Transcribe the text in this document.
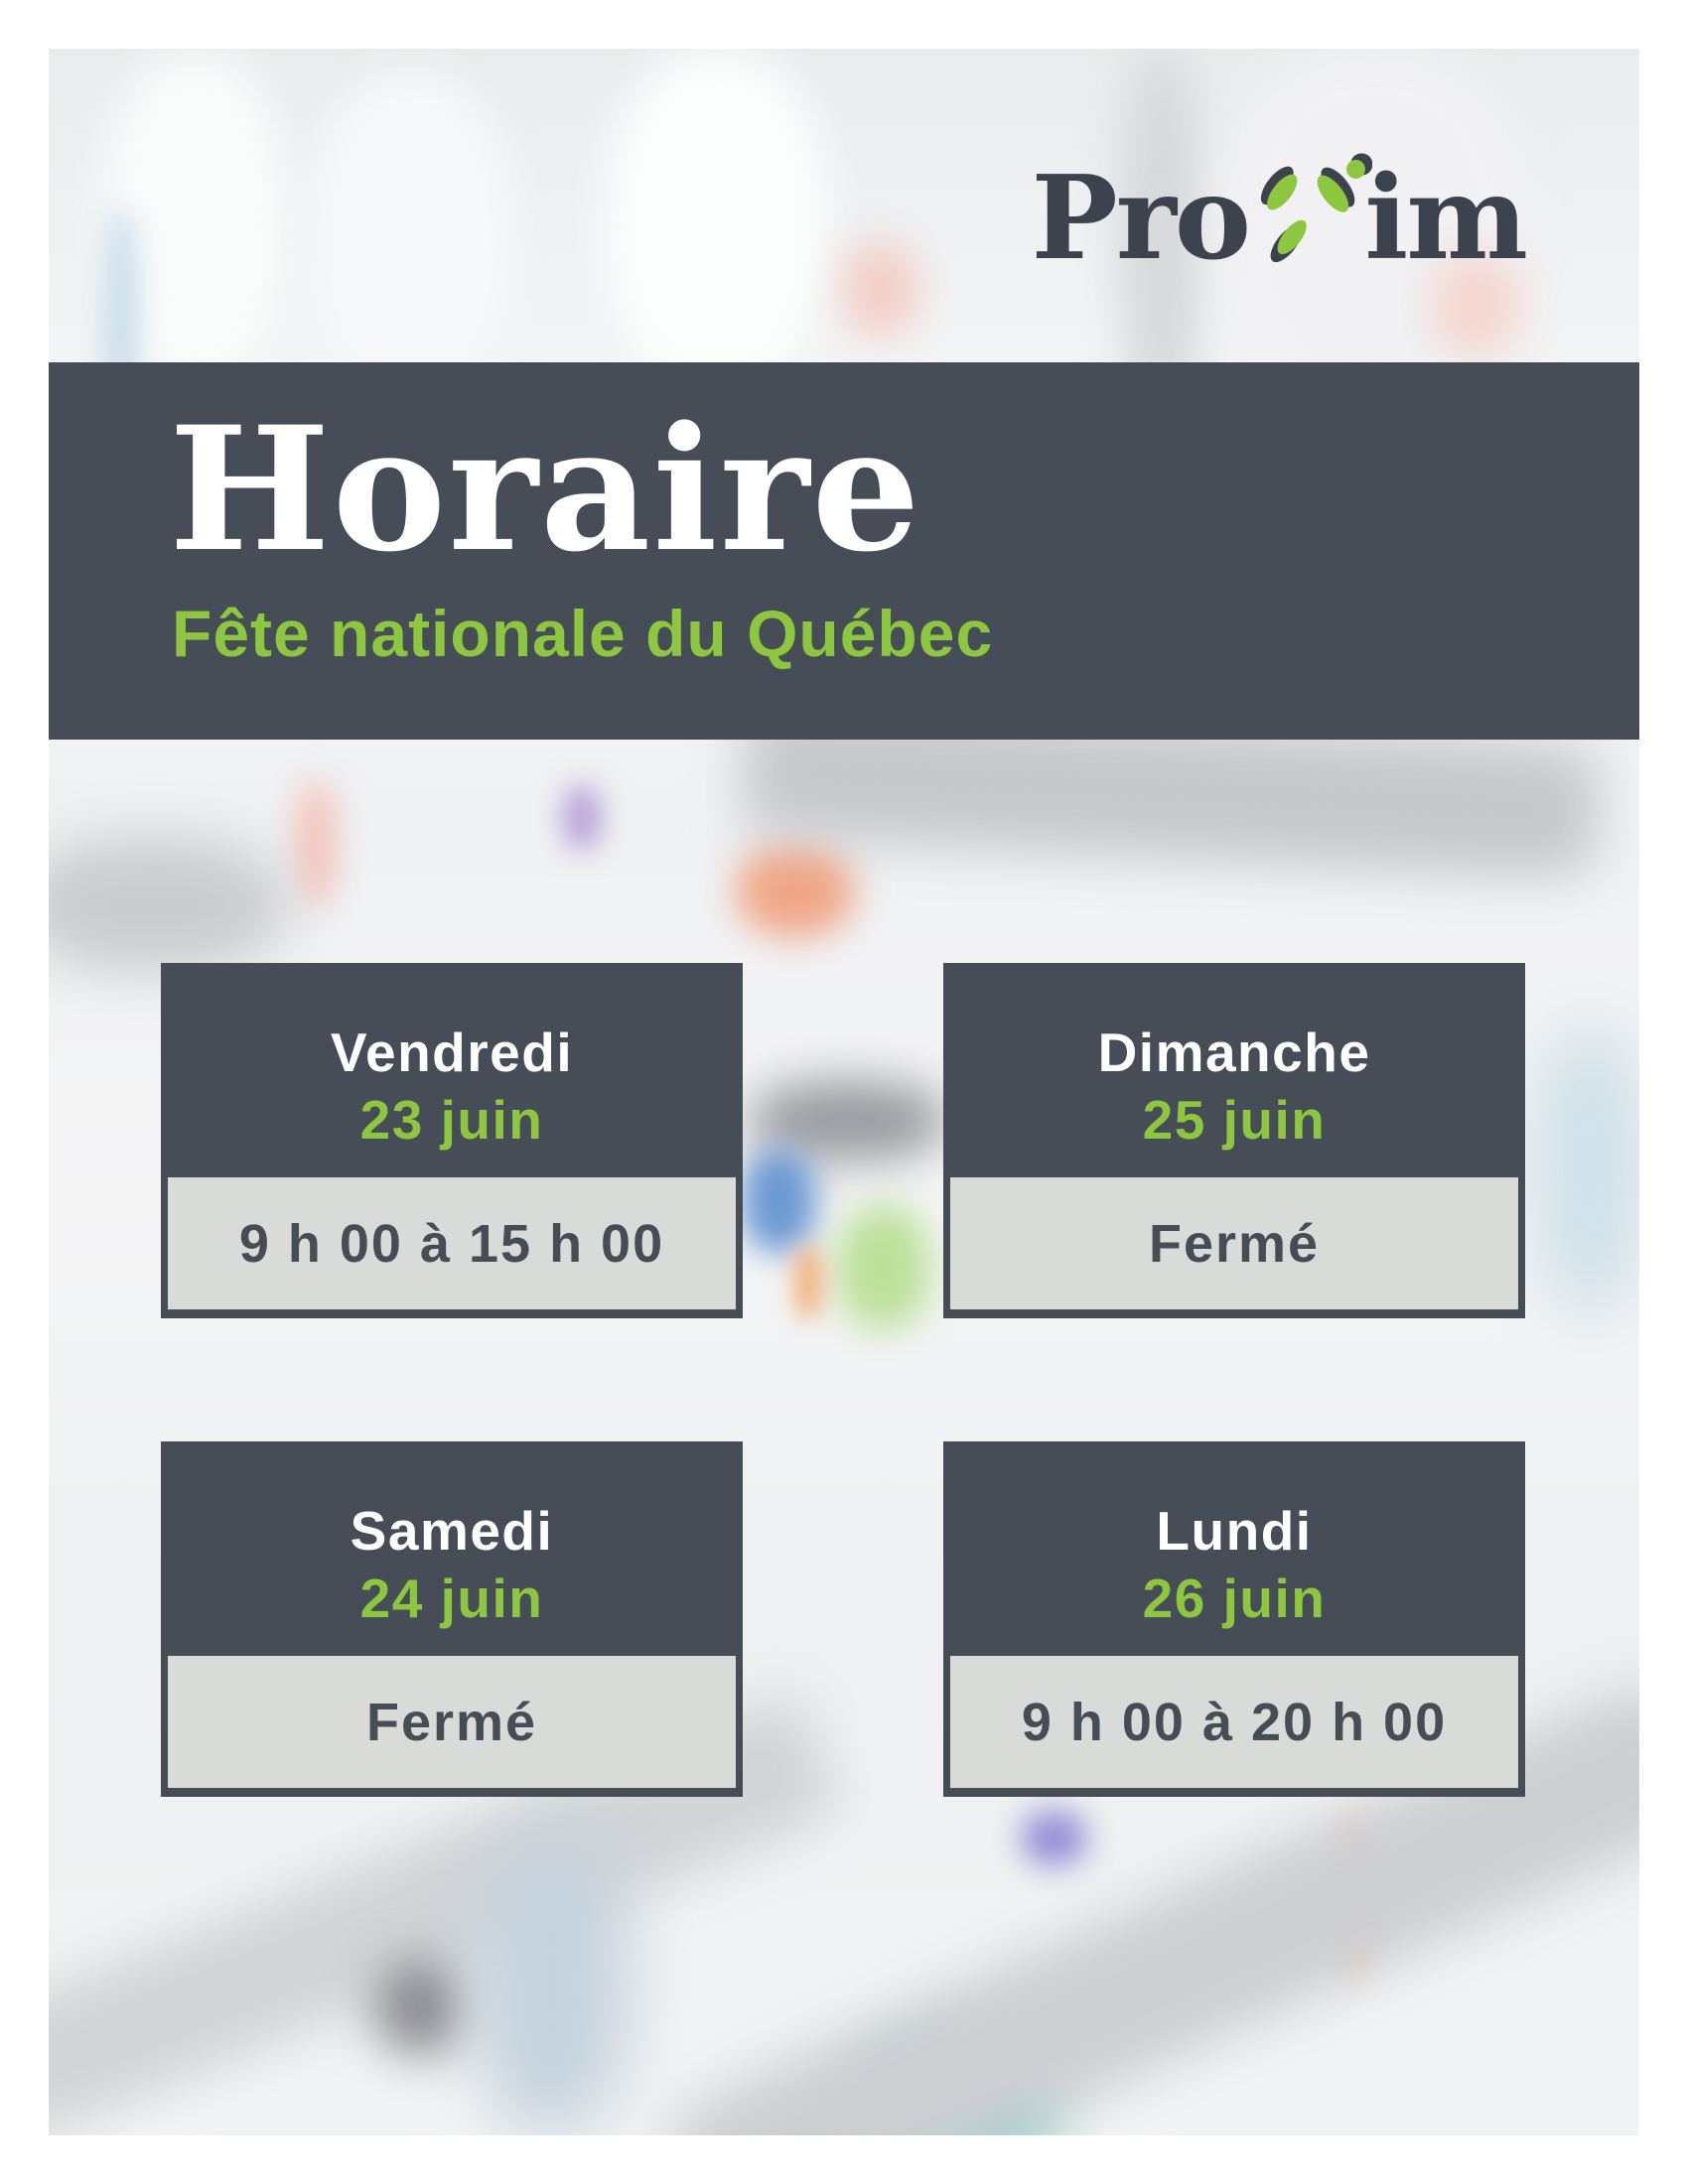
Pro im
Horaire
Fête nationale du Québec
Vendredi
23 juin
9 h 00 à 15 h 00
Dimanche
25 juin
Fermé
Samedi
24 juin
Fermé
Lundi
26 juin
9 h 00 à 20 h 00
